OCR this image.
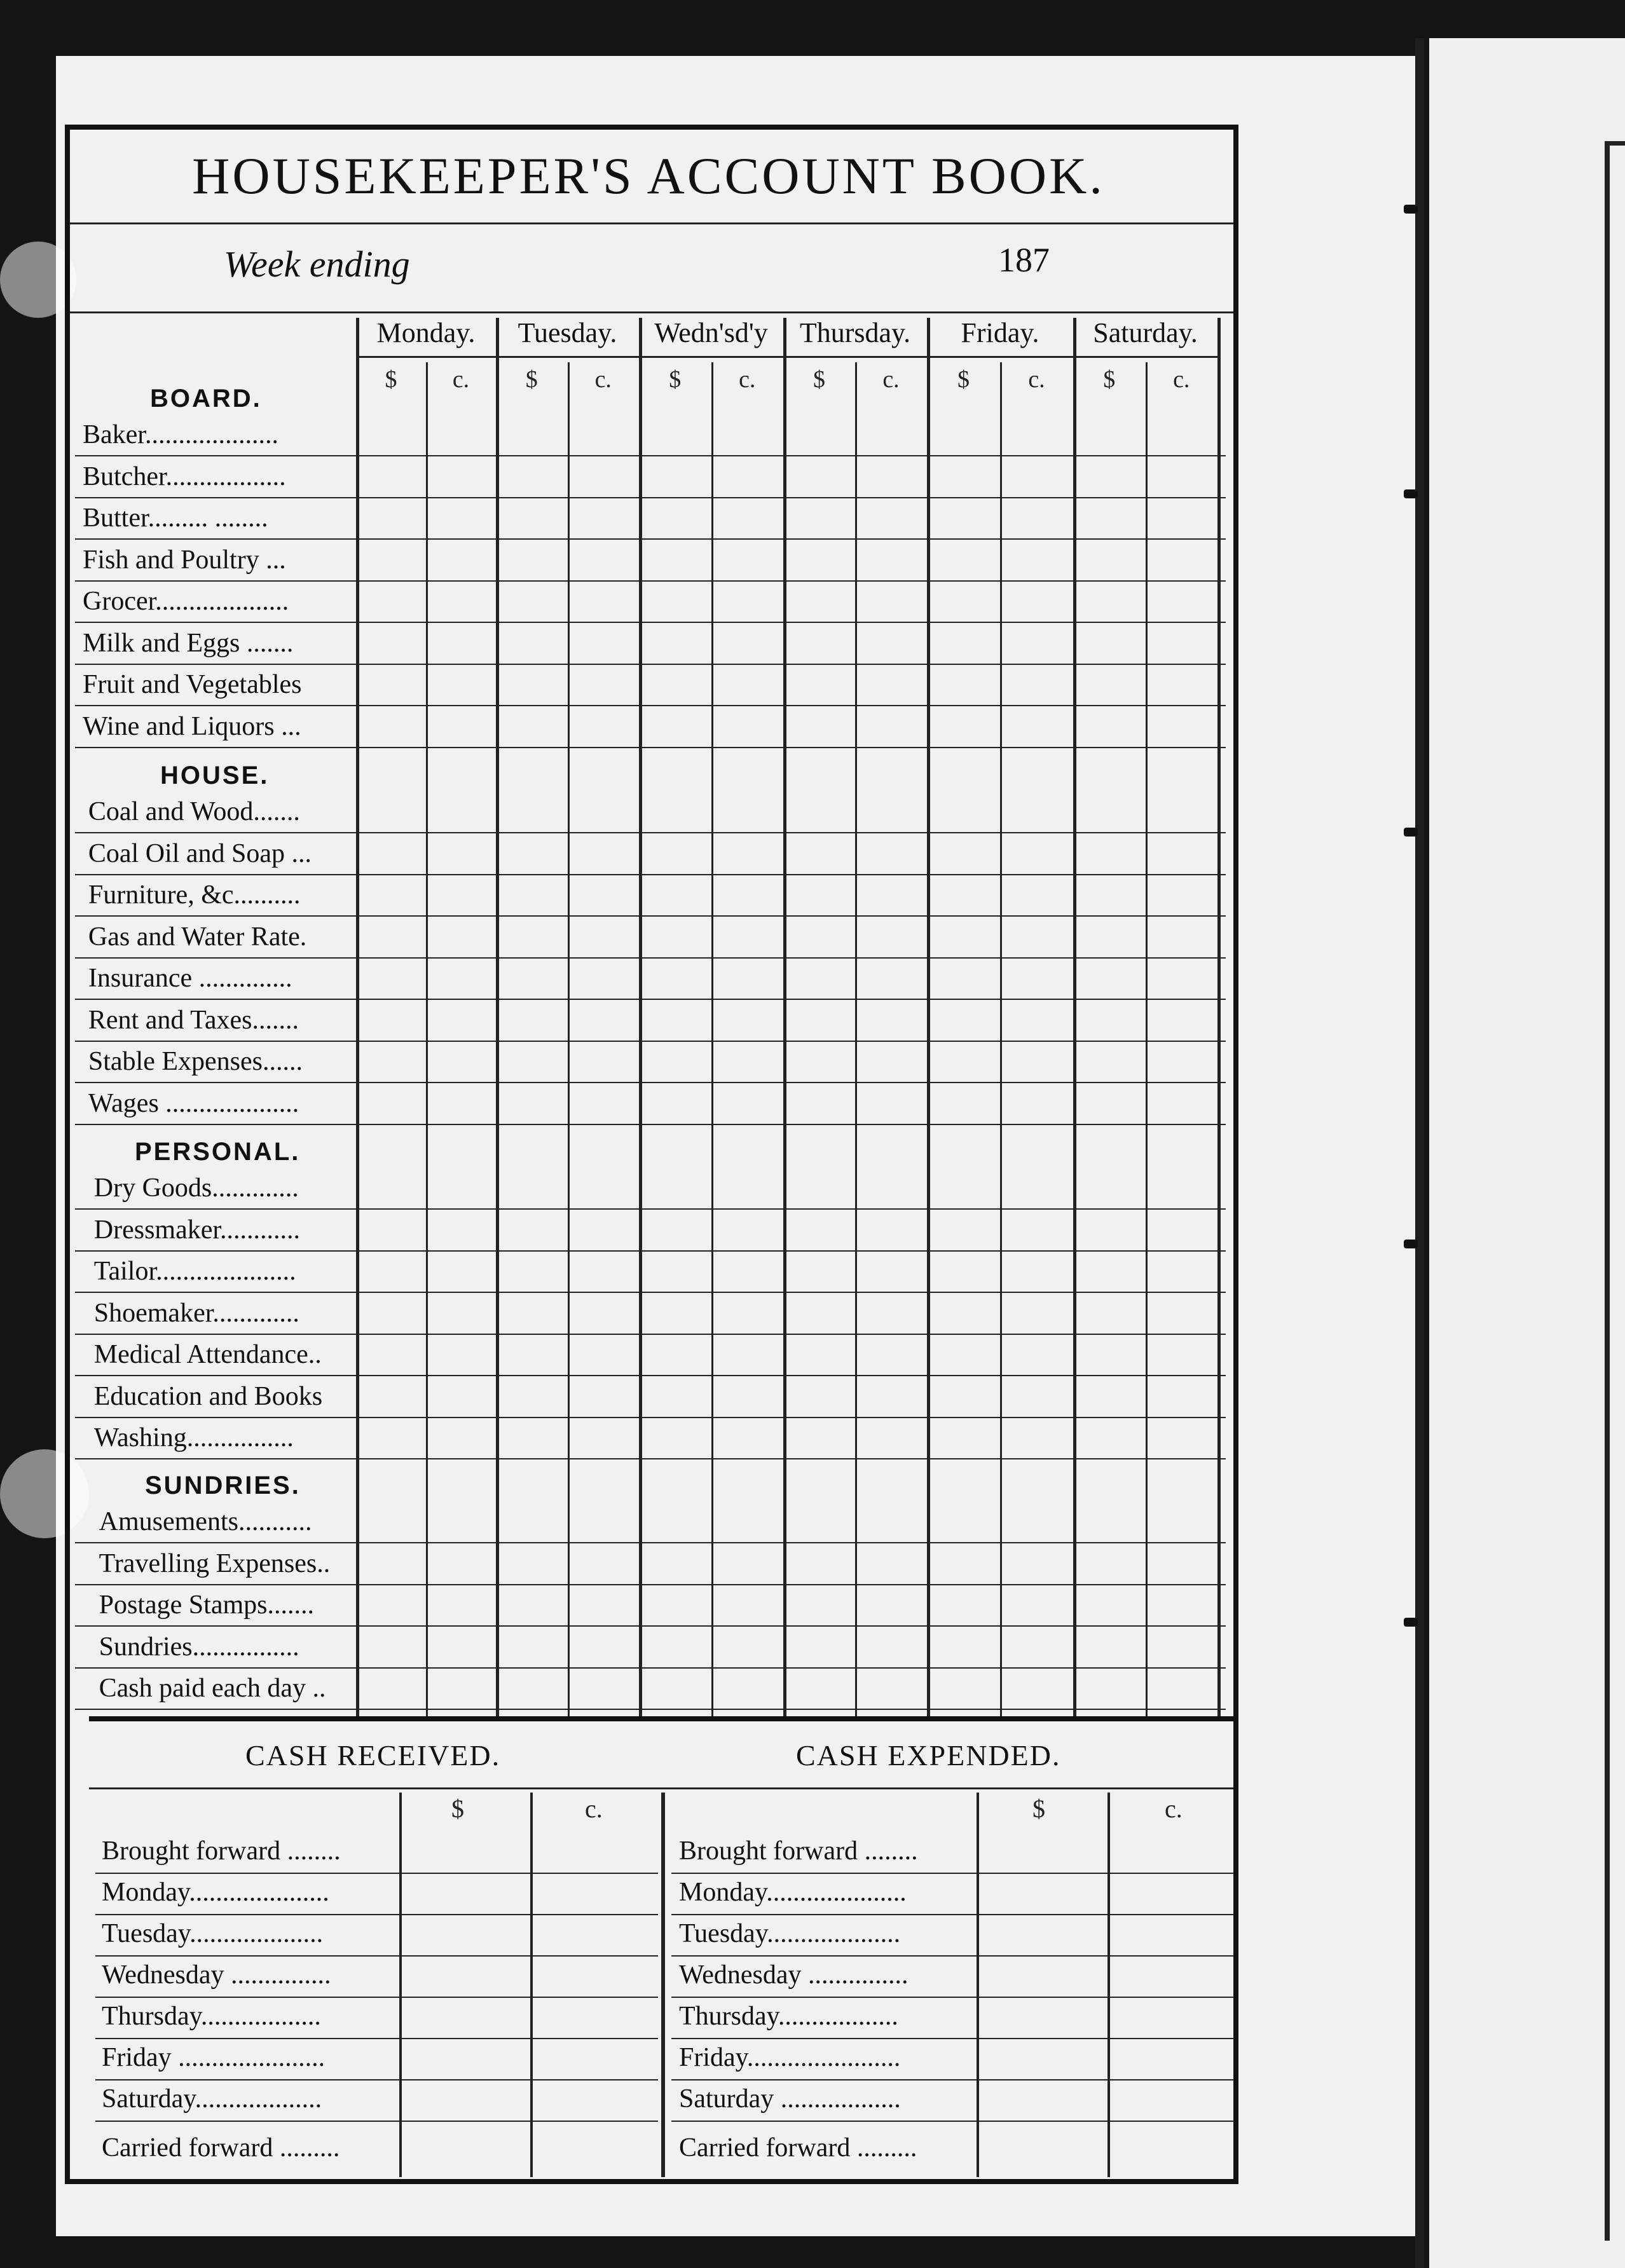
HOUSEKEEPER'S ACCOUNT BOOK.
Week ending	187
Monday.
$	c.
Tuesday.
$	c.
Wedn'sd'y
$	c.
Thursday.
$	c.
Friday.
$	c.
Saturday.
$	c.
BOARD.
Baker....................
Butcher..................
Butter......... ........
Fish and Poultry ...
Grocer....................
Milk and Eggs .......
Fruit and Vegetables
Wine and Liquors ...
HOUSE.
Coal and Wood.......
Coal Oil and Soap ...
Furniture, &c..........
Gas and Water Rate.
Insurance ..............
Rent and Taxes.......
Stable Expenses......
Wages ....................
PERSONAL.
Dry Goods.............
Dressmaker............
Tailor.....................
Shoemaker.............
Medical Attendance..
Education and Books
Washing................
SUNDRIES.
Amusements...........
Travelling Expenses..
Postage Stamps.......
Sundries................
Cash paid each day ..
CASH RECEIVED.	CASH EXPENDED.
$	c.	$	c.
Brought forward ........
Monday.....................
Tuesday....................
Wednesday ...............
Thursday..................
Friday ......................
Saturday...................
Carried forward .........
Brought forward ........
Monday.....................
Tuesday....................
Wednesday ...............
Thursday..................
Friday.......................
Saturday ..................
Carried forward .........
